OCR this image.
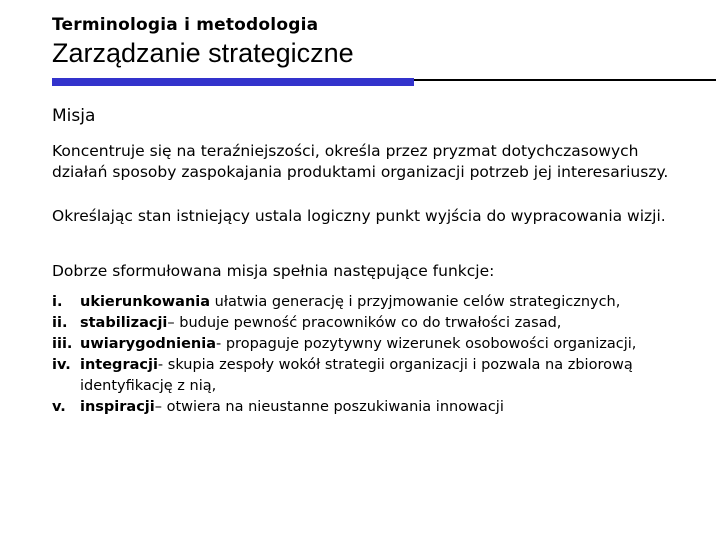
Terminologia i metodologia
Zarządzanie strategiczne
Misja
Koncentruje się na teraźniejszości, określa przez pryzmat dotychczasowych działań sposoby zaspokajania produktami organizacji potrzeb jej interesariuszy.
Określając stan istniejący ustala logiczny punkt wyjścia do wypracowania wizji.
Dobrze sformułowana misja spełnia następujące funkcje:
i. ukierunkowania ułatwia generację i przyjmowanie celów strategicznych,
ii. stabilizacji– buduje pewność pracowników co do trwałości zasad,
iii. uwiarygodnienia- propaguje pozytywny wizerunek osobowości organizacji,
iv. integracji- skupia zespoły wokół strategii organizacji i pozwala na zbiorową identyfikację z nią,
v. inspiracji– otwiera na nieustanne poszukiwania innowacji
